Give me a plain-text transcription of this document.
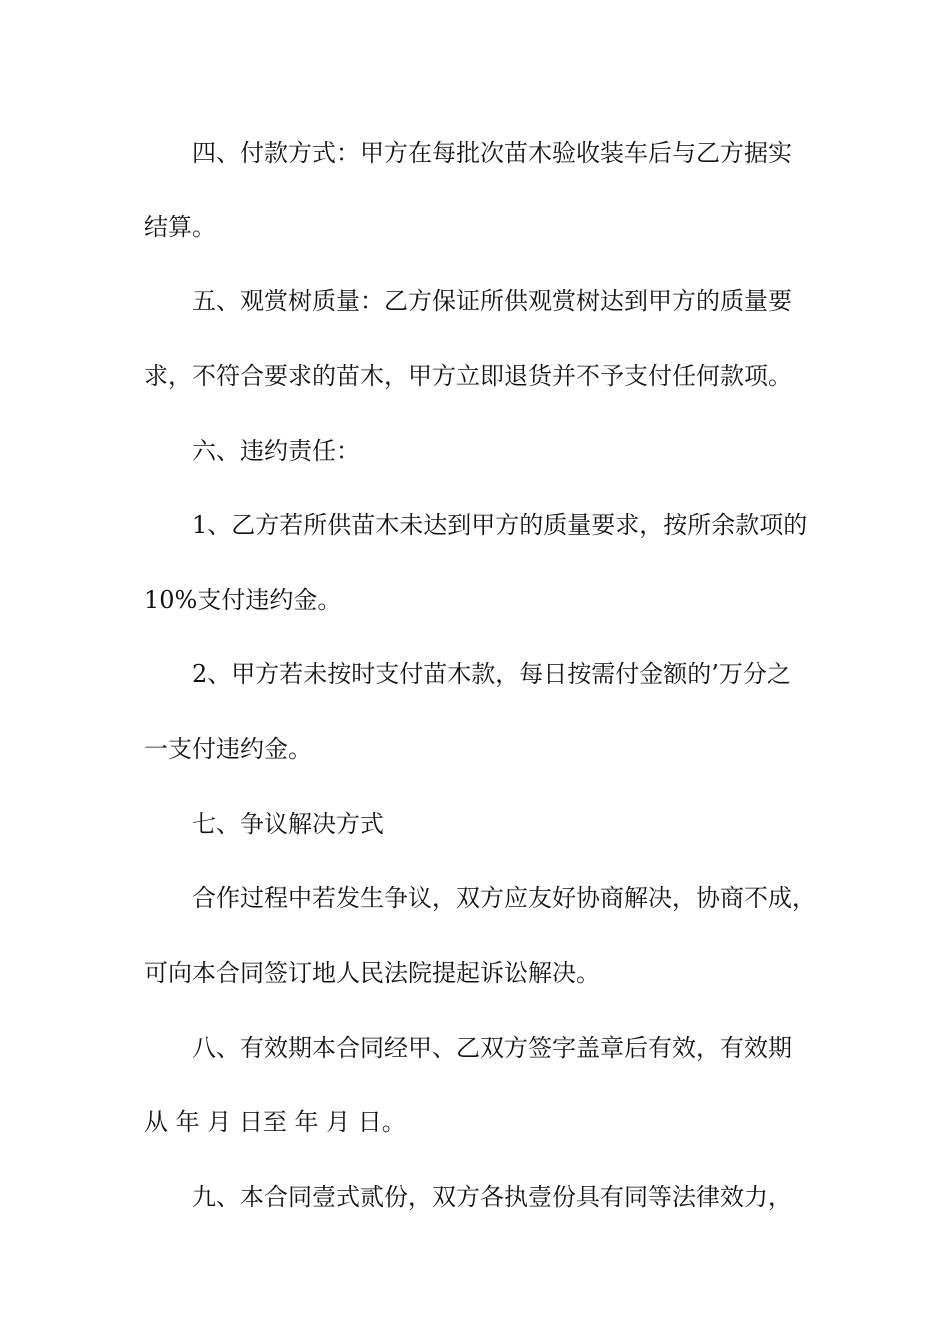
四、付款方式：甲方在每批次苗木验收装车后与乙方据实
结算。
五、观赏树质量：乙方保证所供观赏树达到甲方的质量要
求，不符合要求的苗木，甲方立即退货并不予支付任何款项。
六、违约责任：
1、乙方若所供苗木未达到甲方的质量要求，按所余款项的
10%支付违约金。
2、甲方若未按时支付苗木款，每日按需付金额的’万分之
一支付违约金。
七、争议解决方式
合作过程中若发生争议，双方应友好协商解决，协商不成，
可向本合同签订地人民法院提起诉讼解决。
八、有效期本合同经甲、乙双方签字盖章后有效，有效期
从 年 月 日至 年 月 日。
九、本合同壹式贰份，双方各执壹份具有同等法律效力，
